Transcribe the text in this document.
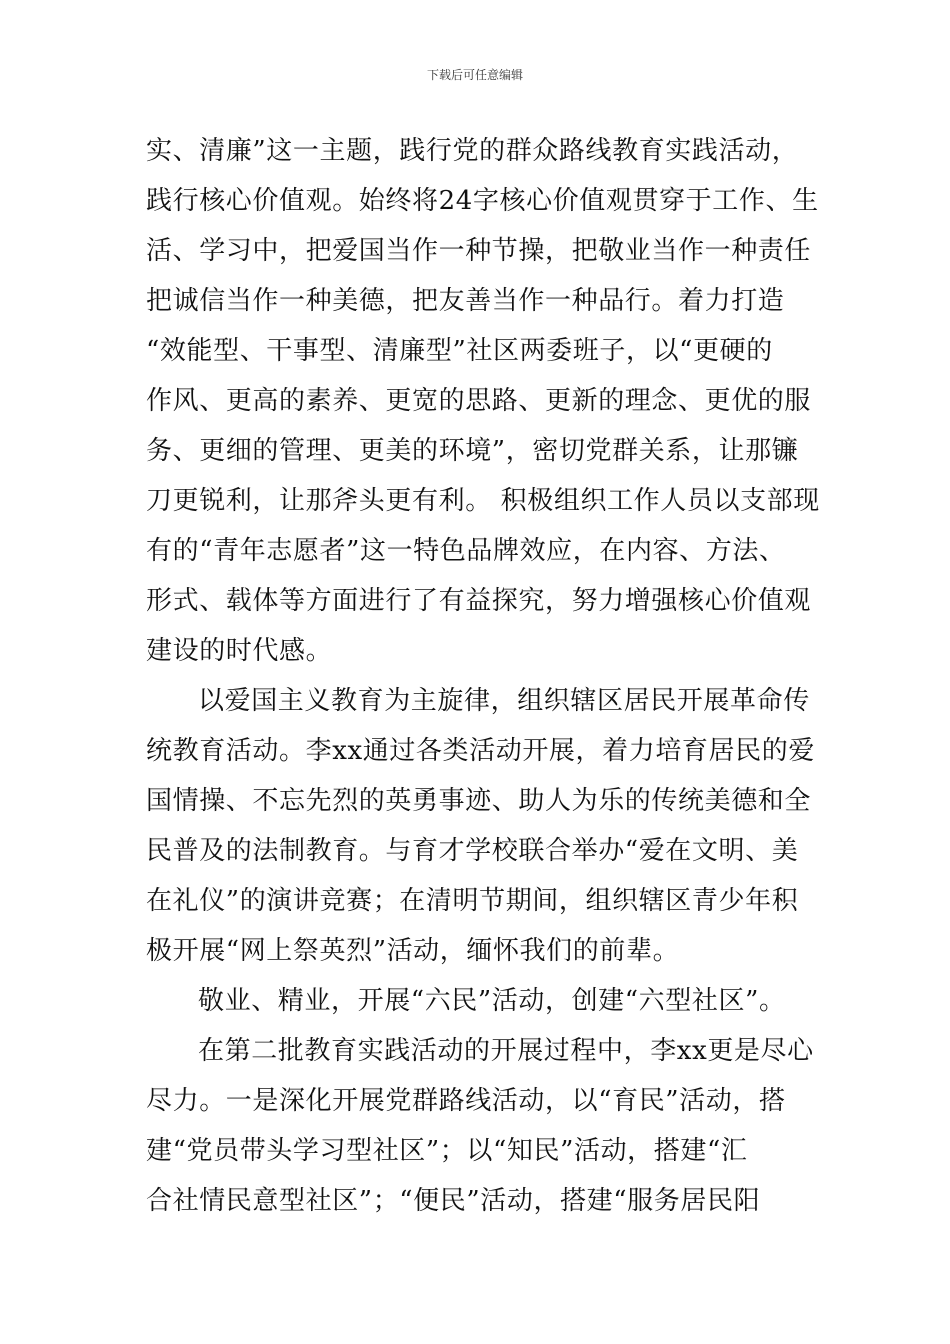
下载后可任意编辑
实、清廉”这一主题，践行党的群众路线教育实践活动，
践行核心价值观。始终将24字核心价值观贯穿于工作、生
活、学习中，把爱国当作一种节操，把敬业当作一种责任
把诚信当作一种美德，把友善当作一种品行。着力打造
“效能型、干事型、清廉型”社区两委班子，以“更硬的
作风、更高的素养、更宽的思路、更新的理念、更优的服
务、更细的管理、更美的环境”，密切党群关系，让那镰
刀更锐利，让那斧头更有利。 积极组织工作人员以支部现
有的“青年志愿者”这一特色品牌效应，在内容、方法、
形式、载体等方面进行了有益探究，努力增强核心价值观
建设的时代感。
以爱国主义教育为主旋律，组织辖区居民开展革命传
统教育活动。李xx通过各类活动开展，着力培育居民的爱
国情操、不忘先烈的英勇事迹、助人为乐的传统美德和全
民普及的法制教育。与育才学校联合举办“爱在文明、美
在礼仪”的演讲竞赛；在清明节期间，组织辖区青少年积
极开展“网上祭英烈”活动，缅怀我们的前辈。
敬业、精业，开展“六民”活动，创建“六型社区”。
在第二批教育实践活动的开展过程中，李xx更是尽心
尽力。一是深化开展党群路线活动，以“育民”活动，搭
建“党员带头学习型社区”；以“知民”活动，搭建“汇
合社情民意型社区”；“便民”活动，搭建“服务居民阳
